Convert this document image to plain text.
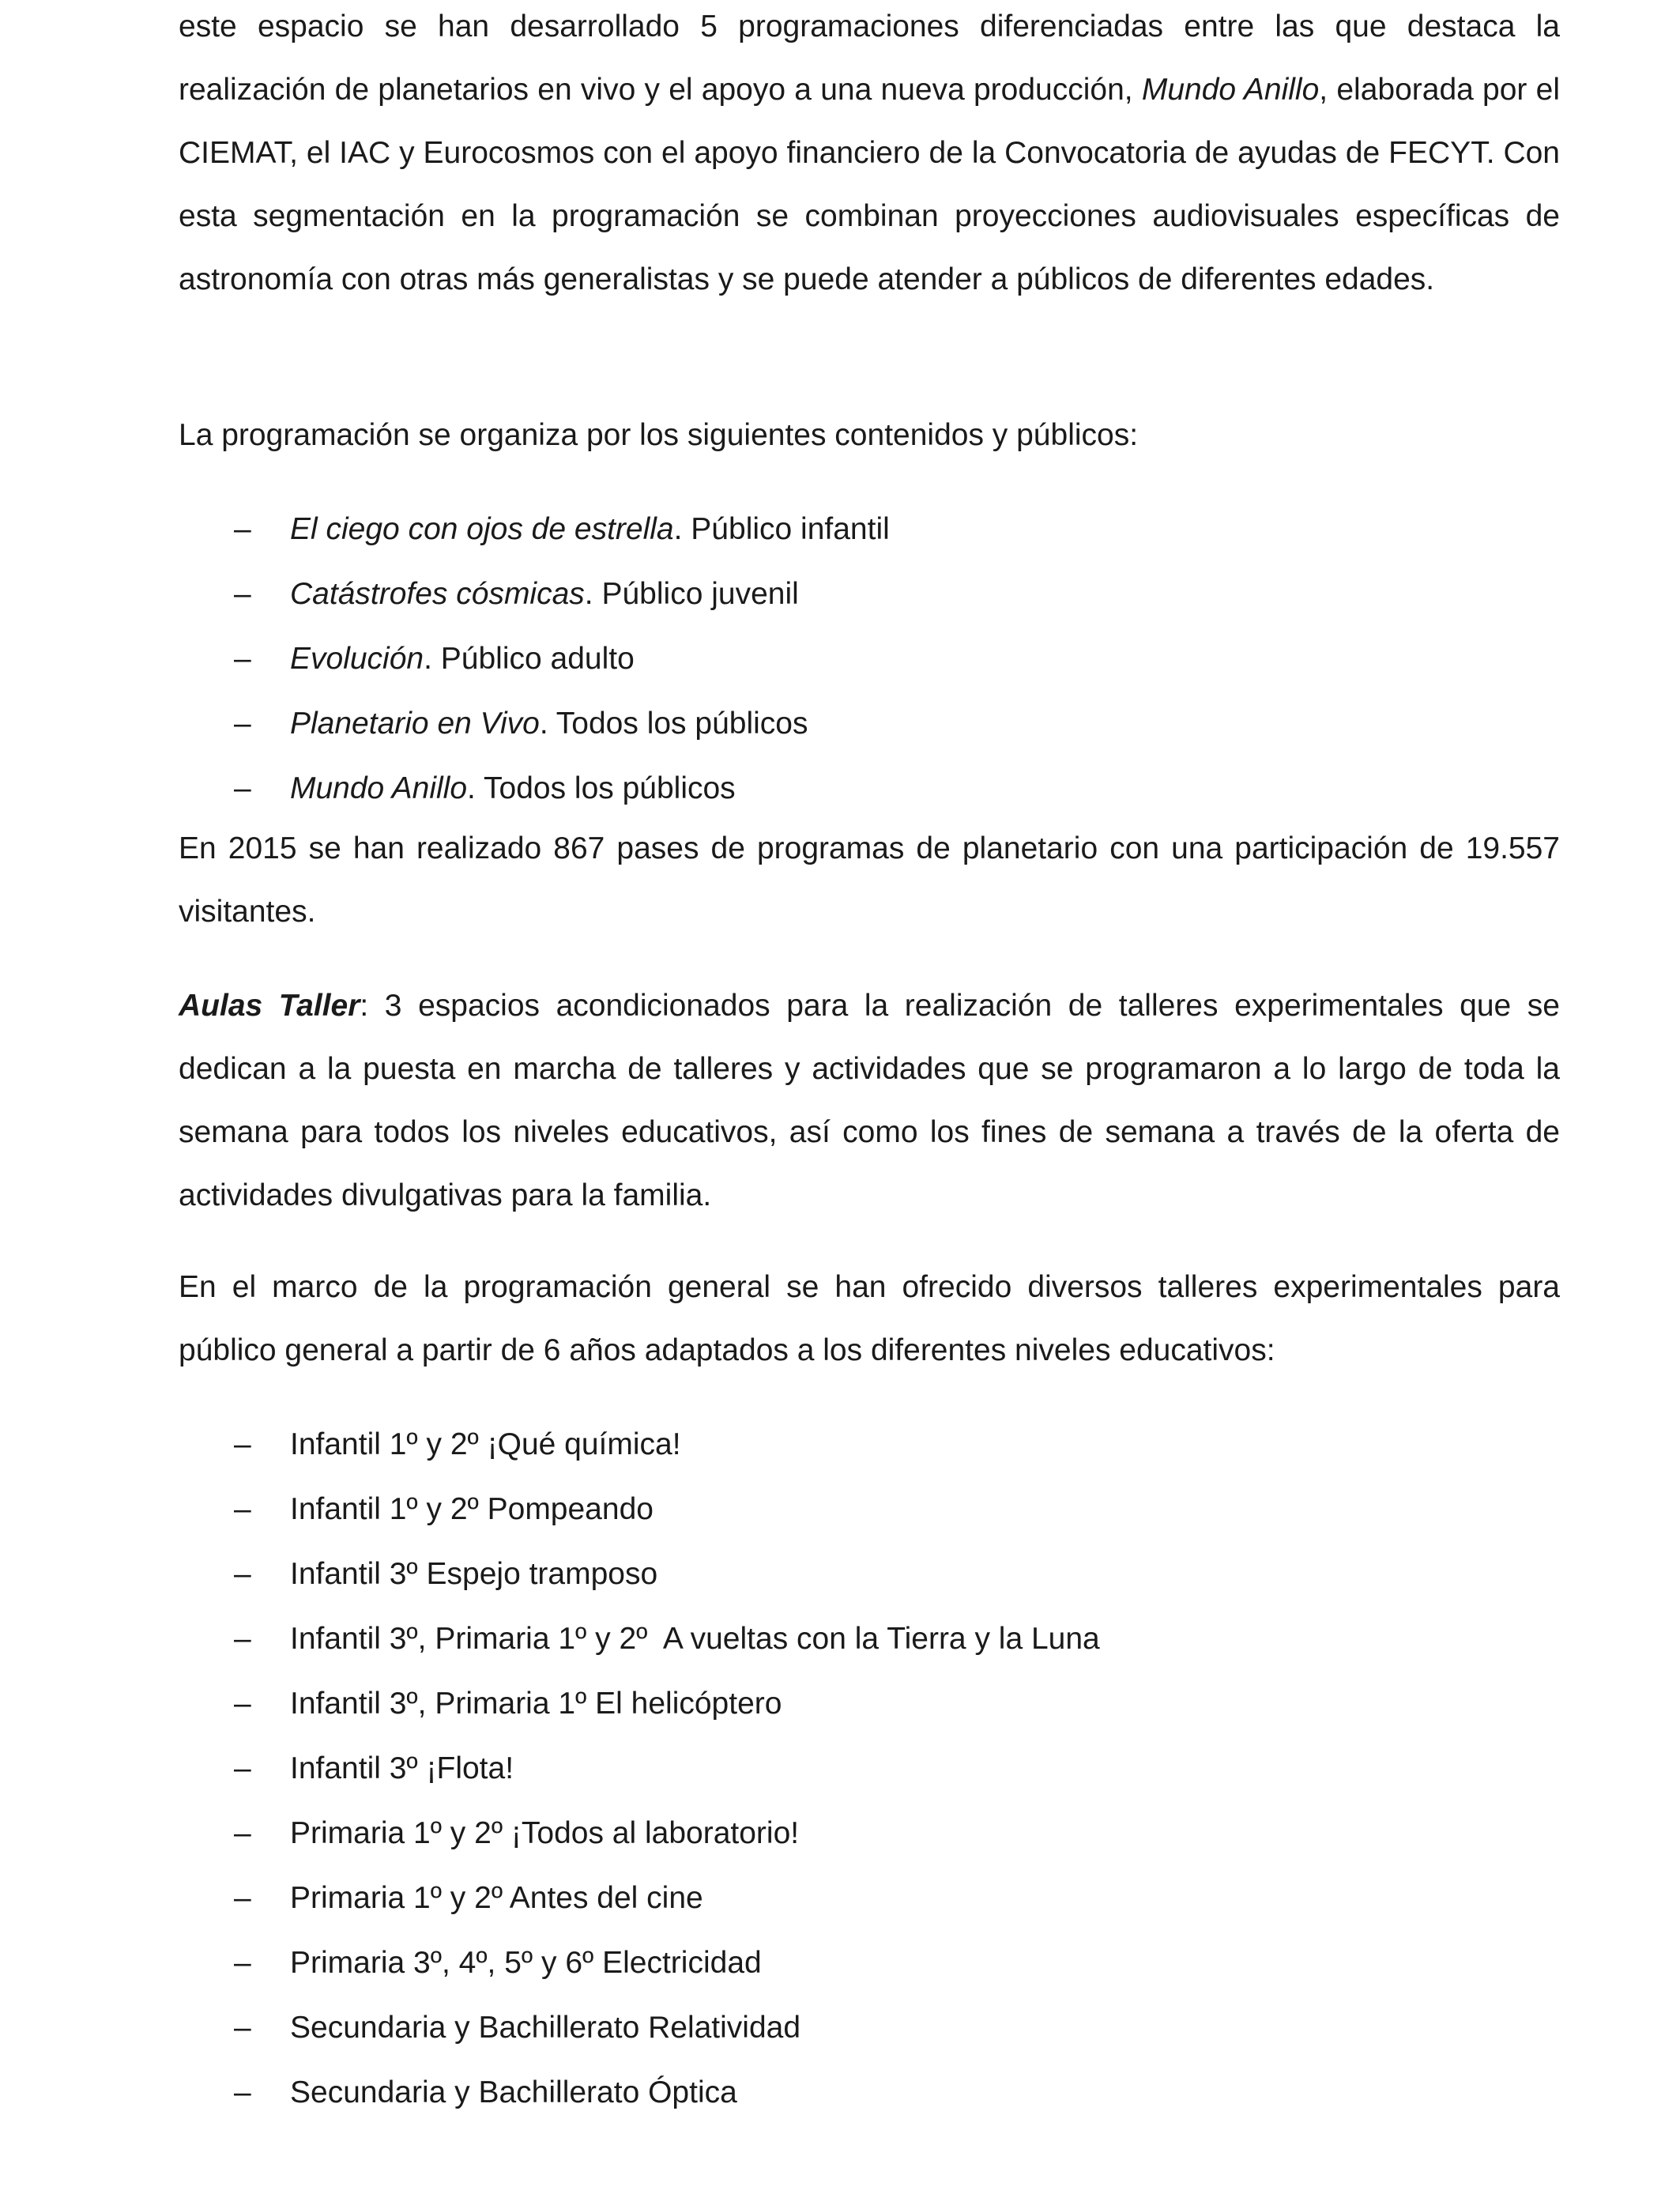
este espacio se han desarrollado 5 programaciones diferenciadas entre las que destaca la realización de planetarios en vivo y el apoyo a una nueva producción, Mundo Anillo, elaborada por el CIEMAT, el IAC y Eurocosmos con el apoyo financiero de la Convocatoria de ayudas de FECYT. Con esta segmentación en la programación se combinan proyecciones audiovisuales específicas de astronomía con otras más generalistas y se puede atender a públicos de diferentes edades.

La programación se organiza por los siguientes contenidos y públicos:

– El ciego con ojos de estrella. Público infantil
– Catástrofes cósmicas. Público juvenil
– Evolución. Público adulto
– Planetario en Vivo. Todos los públicos
– Mundo Anillo. Todos los públicos

En 2015 se han realizado 867 pases de programas de planetario con una participación de 19.557 visitantes.

Aulas Taller: 3 espacios acondicionados para la realización de talleres experimentales que se dedican a la puesta en marcha de talleres y actividades que se programaron a lo largo de toda la semana para todos los niveles educativos, así como los fines de semana a través de la oferta de actividades divulgativas para la familia.

En el marco de la programación general se han ofrecido diversos talleres experimentales para público general a partir de 6 años adaptados a los diferentes niveles educativos:

– Infantil 1º y 2º ¡Qué química!
– Infantil 1º y 2º Pompeando
– Infantil 3º Espejo tramposo
– Infantil 3º, Primaria 1º y 2º  A vueltas con la Tierra y la Luna
– Infantil 3º, Primaria 1º El helicóptero
– Infantil 3º ¡Flota!
– Primaria 1º y 2º ¡Todos al laboratorio!
– Primaria 1º y 2º Antes del cine
– Primaria 3º, 4º, 5º y 6º Electricidad
– Secundaria y Bachillerato Relatividad
– Secundaria y Bachillerato Óptica
